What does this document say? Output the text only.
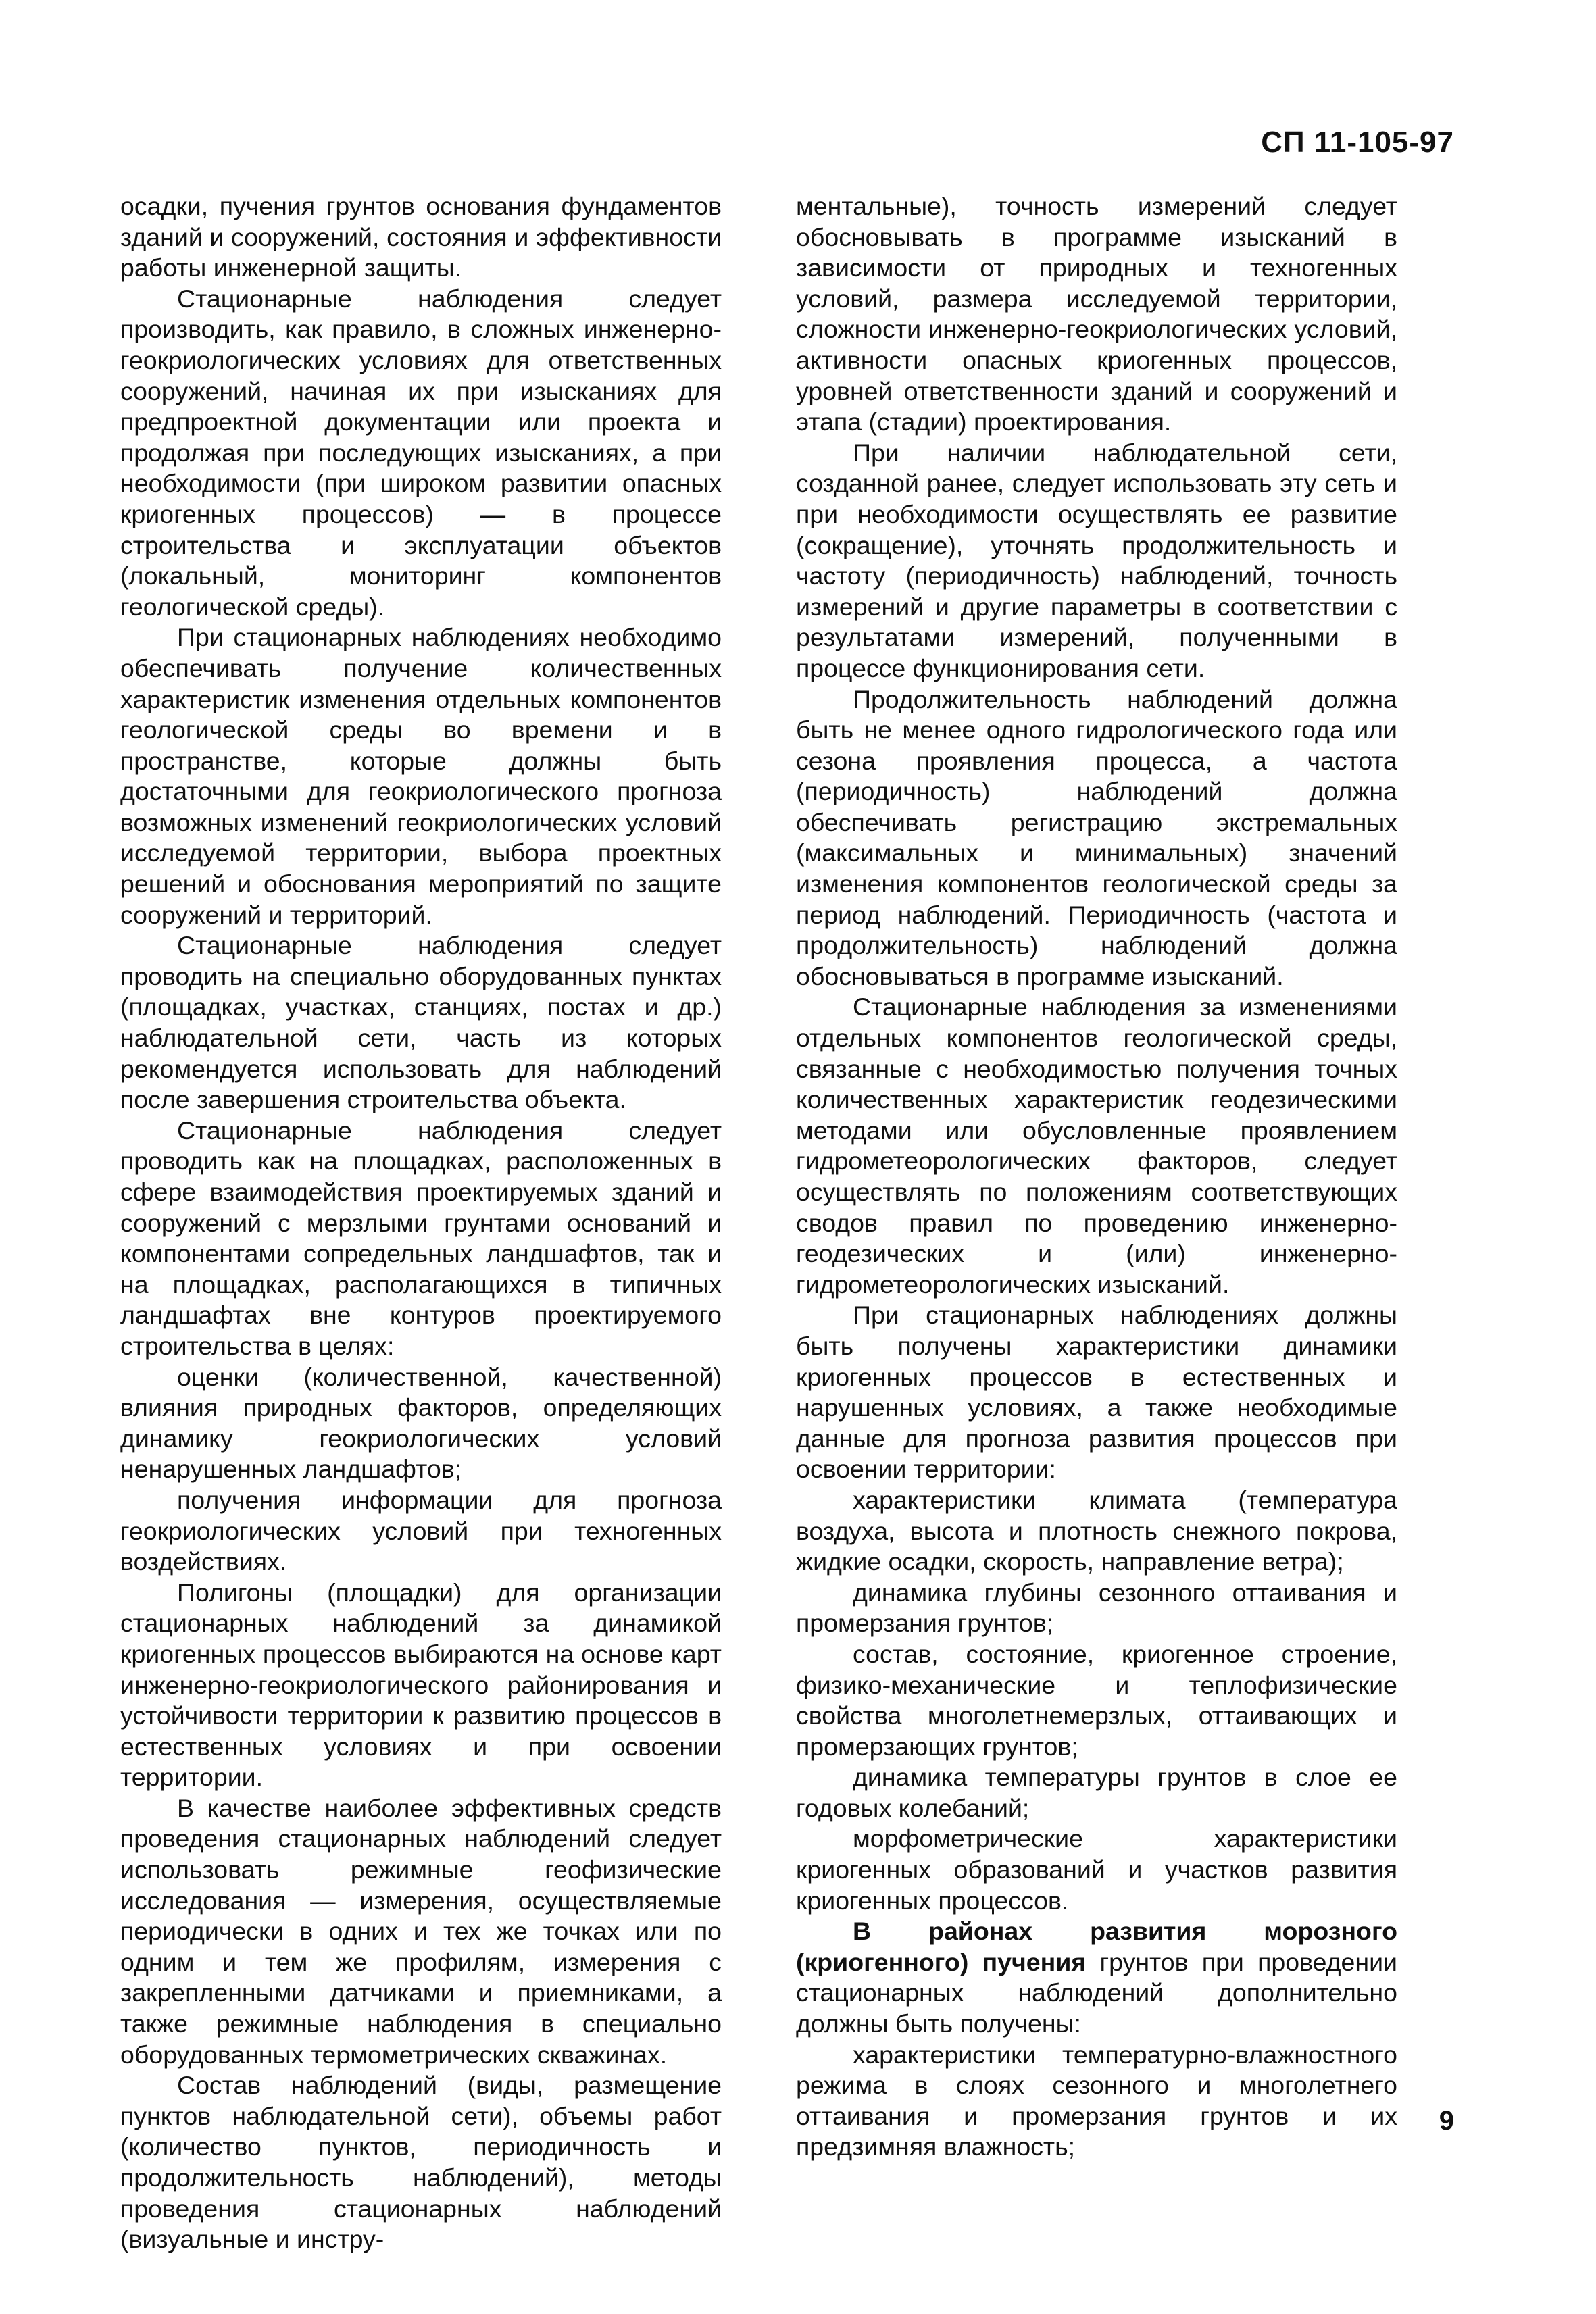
СП 11-105-97

осадки, пучения грунтов основания фундаментов зданий и сооружений, состояния и эффективности работы инженерной защиты.

Стационарные наблюдения следует производить, как правило, в сложных инженерно-геокриологических условиях для ответственных сооружений, начиная их при изысканиях для предпроектной документации или проекта и продолжая при последующих изысканиях, а при необходимости (при широком развитии опасных криогенных процессов) — в процессе строительства и эксплуатации объектов (локальный, мониторинг компонентов геологической среды).

При стационарных наблюдениях необходимо обеспечивать получение количественных характеристик изменения отдельных компонентов геологической среды во времени и в пространстве, которые должны быть достаточными для геокриологического прогноза возможных изменений геокриологических условий исследуемой территории, выбора проектных решений и обоснования мероприятий по защите сооружений и территорий.

Стационарные наблюдения следует проводить на специально оборудованных пунктах (площадках, участках, станциях, постах и др.) наблюдательной сети, часть из которых рекомендуется использовать для наблюдений после завершения строительства объекта.

Стационарные наблюдения следует проводить как на площадках, расположенных в сфере взаимодействия проектируемых зданий и сооружений с мерзлыми грунтами оснований и компонентами сопредельных ландшафтов, так и на площадках, располагающихся в типичных ландшафтах вне контуров проектируемого строительства в целях:

оценки (количественной, качественной) влияния природных факторов, определяющих динамику геокриологических условий ненарушенных ландшафтов;

получения информации для прогноза геокриологических условий при техногенных воздействиях.

Полигоны (площадки) для организации стационарных наблюдений за динамикой криогенных процессов выбираются на основе карт инженерно-геокриологического районирования и устойчивости территории к развитию процессов в естественных условиях и при освоении территории.

В качестве наиболее эффективных средств проведения стационарных наблюдений следует использовать режимные геофизические исследования — измерения, осуществляемые периодически в одних и тех же точках или по одним и тем же профилям, измерения с закрепленными датчиками и приемниками, а также режимные наблюдения в специально оборудованных термометрических скважинах.

Состав наблюдений (виды, размещение пунктов наблюдательной сети), объемы работ (количество пунктов, периодичность и продолжительность наблюдений), методы проведения стационарных наблюдений (визуальные и инстру-

ментальные), точность измерений следует обосновывать в программе изысканий в зависимости от природных и техногенных условий, размера исследуемой территории, сложности инженерно-геокриологических условий, активности опасных криогенных процессов, уровней ответственности зданий и сооружений и этапа (стадии) проектирования.

При наличии наблюдательной сети, созданной ранее, следует использовать эту сеть и при необходимости осуществлять ее развитие (сокращение), уточнять продолжительность и частоту (периодичность) наблюдений, точность измерений и другие параметры в соответствии с результатами измерений, полученными в процессе функционирования сети.

Продолжительность наблюдений должна быть не менее одного гидрологического года или сезона проявления процесса, а частота (периодичность) наблюдений должна обеспечивать регистрацию экстремальных (максимальных и минимальных) значений изменения компонентов геологической среды за период наблюдений. Периодичность (частота и продолжительность) наблюдений должна обосновываться в программе изысканий.

Стационарные наблюдения за изменениями отдельных компонентов геологической среды, связанные с необходимостью получения точных количественных характеристик геодезическими методами или обусловленные проявлением гидрометеорологических факторов, следует осуществлять по положениям соответствующих сводов правил по проведению инженерно-геодезических и (или) инженерно-гидрометеорологических изысканий.

При стационарных наблюдениях должны быть получены характеристики динамики криогенных процессов в естественных и нарушенных условиях, а также необходимые данные для прогноза развития процессов при освоении территории:

характеристики климата (температура воздуха, высота и плотность снежного покрова, жидкие осадки, скорость, направление ветра);

динамика глубины сезонного оттаивания и промерзания грунтов;

состав, состояние, криогенное строение, физико-механические и теплофизические свойства многолетнемерзлых, оттаивающих и промерзающих грунтов;

динамика температуры грунтов в слое ее годовых колебаний;

морфометрические характеристики криогенных образований и участков развития криогенных процессов.

В районах развития морозного (криогенного) пучения грунтов при проведении стационарных наблюдений дополнительно должны быть получены:

характеристики температурно-влажностного режима в слоях сезонного и многолетнего оттаивания и промерзания грунтов и их предзимняя влажность;

9
